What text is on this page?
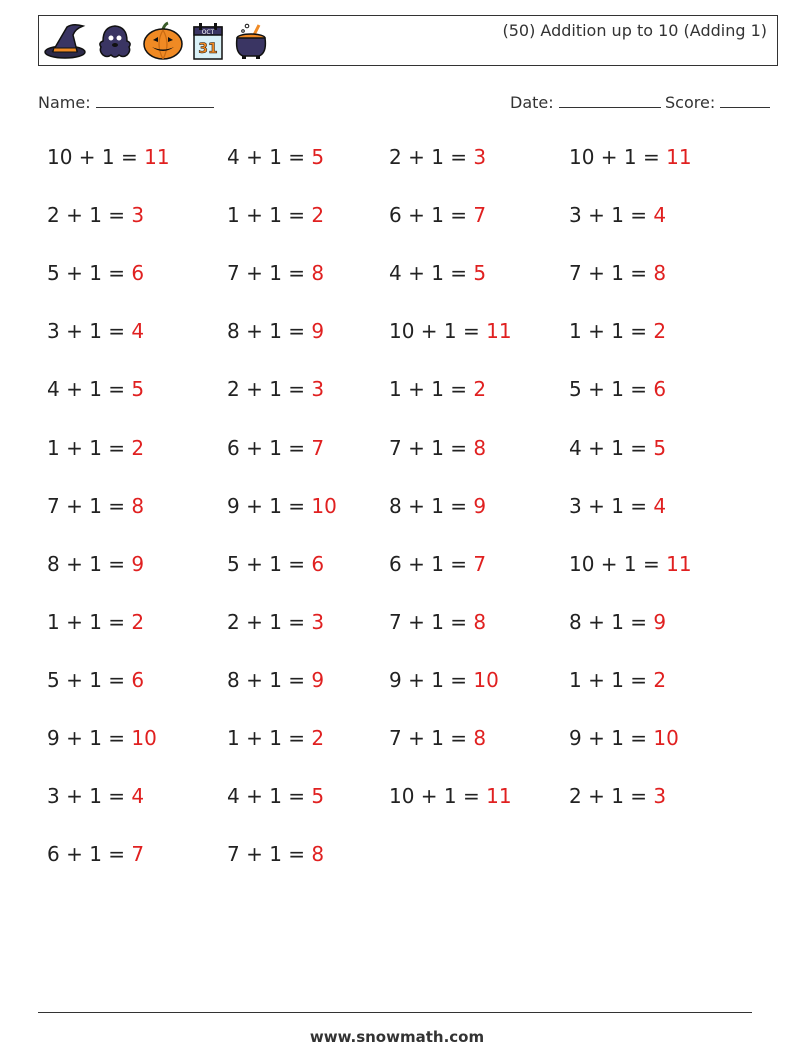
OCT
31
(50) Addition up to 10 (Adding 1)
Name:	Date:	Score:
10 + 1 = 11
2 + 1 = 3
5 + 1 = 6
3 + 1 = 4
4 + 1 = 5
1 + 1 = 2
7 + 1 = 8
8 + 1 = 9
1 + 1 = 2
5 + 1 = 6
9 + 1 = 10
3 + 1 = 4
6 + 1 = 7
4 + 1 = 5
1 + 1 = 2
7 + 1 = 8
8 + 1 = 9
2 + 1 = 3
6 + 1 = 7
9 + 1 = 10
5 + 1 = 6
2 + 1 = 3
8 + 1 = 9
1 + 1 = 2
4 + 1 = 5
7 + 1 = 8
2 + 1 = 3
6 + 1 = 7
4 + 1 = 5
10 + 1 = 11
1 + 1 = 2
7 + 1 = 8
8 + 1 = 9
6 + 1 = 7
7 + 1 = 8
9 + 1 = 10
7 + 1 = 8
10 + 1 = 11
10 + 1 = 11
3 + 1 = 4
7 + 1 = 8
1 + 1 = 2
5 + 1 = 6
4 + 1 = 5
3 + 1 = 4
10 + 1 = 11
8 + 1 = 9
1 + 1 = 2
9 + 1 = 10
2 + 1 = 3
www.snowmath.com
